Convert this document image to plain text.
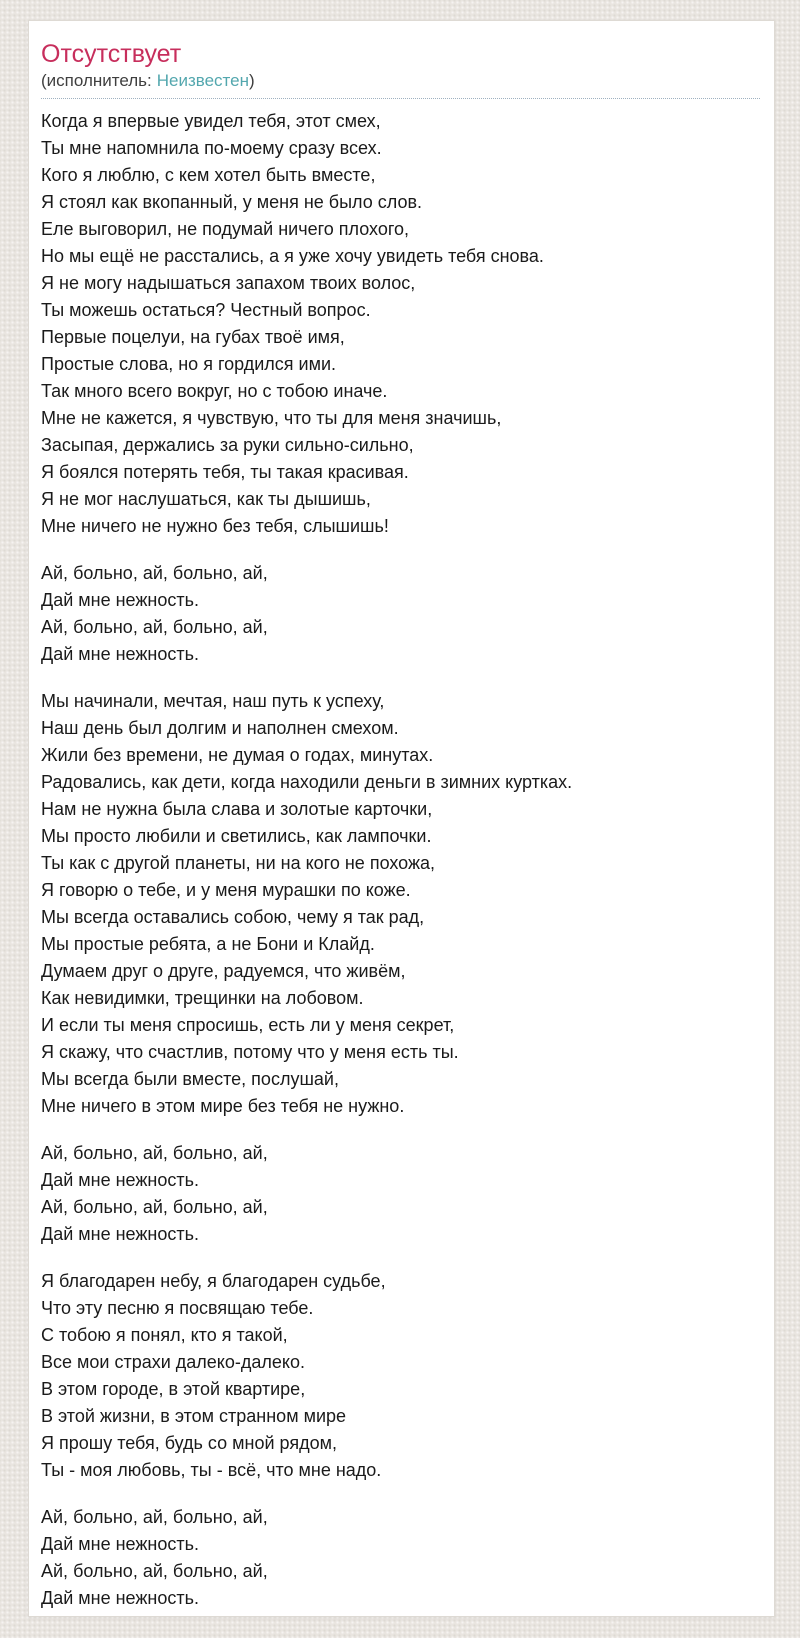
Отсутствует
(исполнитель: Неизвестен)
Когда я впервые увидел тебя, этот смех,
Ты мне напомнила по-моему сразу всех.
Кого я люблю, с кем хотел быть вместе,
Я стоял как вкопанный, у меня не было слов.
Еле выговорил, не подумай ничего плохого,
Но мы ещё не расстались, а я уже хочу увидеть тебя снова.
Я не могу надышаться запахом твоих волос,
Ты можешь остаться? Честный вопрос.
Первые поцелуи, на губах твоё имя,
Простые слова, но я гордился ими.
Так много всего вокруг, но с тобою иначе.
Мне не кажется, я чувствую, что ты для меня значишь,
Засыпая, держались за руки сильно-сильно,
Я боялся потерять тебя, ты такая красивая.
Я не мог наслушаться, как ты дышишь,
Мне ничего не нужно без тебя, слышишь!
Ай, больно, ай, больно, ай,
Дай мне нежность.
Ай, больно, ай, больно, ай,
Дай мне нежность.
Мы начинали, мечтая, наш путь к успеху,
Наш день был долгим и наполнен смехом.
Жили без времени, не думая о годах, минутах.
Радовались, как дети, когда находили деньги в зимних куртках.
Нам не нужна была слава и золотые карточки,
Мы просто любили и светились, как лампочки.
Ты как с другой планеты, ни на кого не похожа,
Я говорю о тебе, и у меня мурашки по коже.
Мы всегда оставались собою, чему я так рад,
Мы простые ребята, а не Бони и Клайд.
Думаем друг о друге, радуемся, что живём,
Как невидимки, трещинки на лобовом.
И если ты меня спросишь, есть ли у меня секрет,
Я скажу, что счастлив, потому что у меня есть ты.
Мы всегда были вместе, послушай,
Мне ничего в этом мире без тебя не нужно.
Ай, больно, ай, больно, ай,
Дай мне нежность.
Ай, больно, ай, больно, ай,
Дай мне нежность.
Я благодарен небу, я благодарен судьбе,
Что эту песню я посвящаю тебе.
С тобою я понял, кто я такой,
Все мои страхи далеко-далеко.
В этом городе, в этой квартире,
В этой жизни, в этом странном мире
Я прошу тебя, будь со мной рядом,
Ты - моя любовь, ты - всё, что мне надо.
Ай, больно, ай, больно, ай,
Дай мне нежность.
Ай, больно, ай, больно, ай,
Дай мне нежность.
